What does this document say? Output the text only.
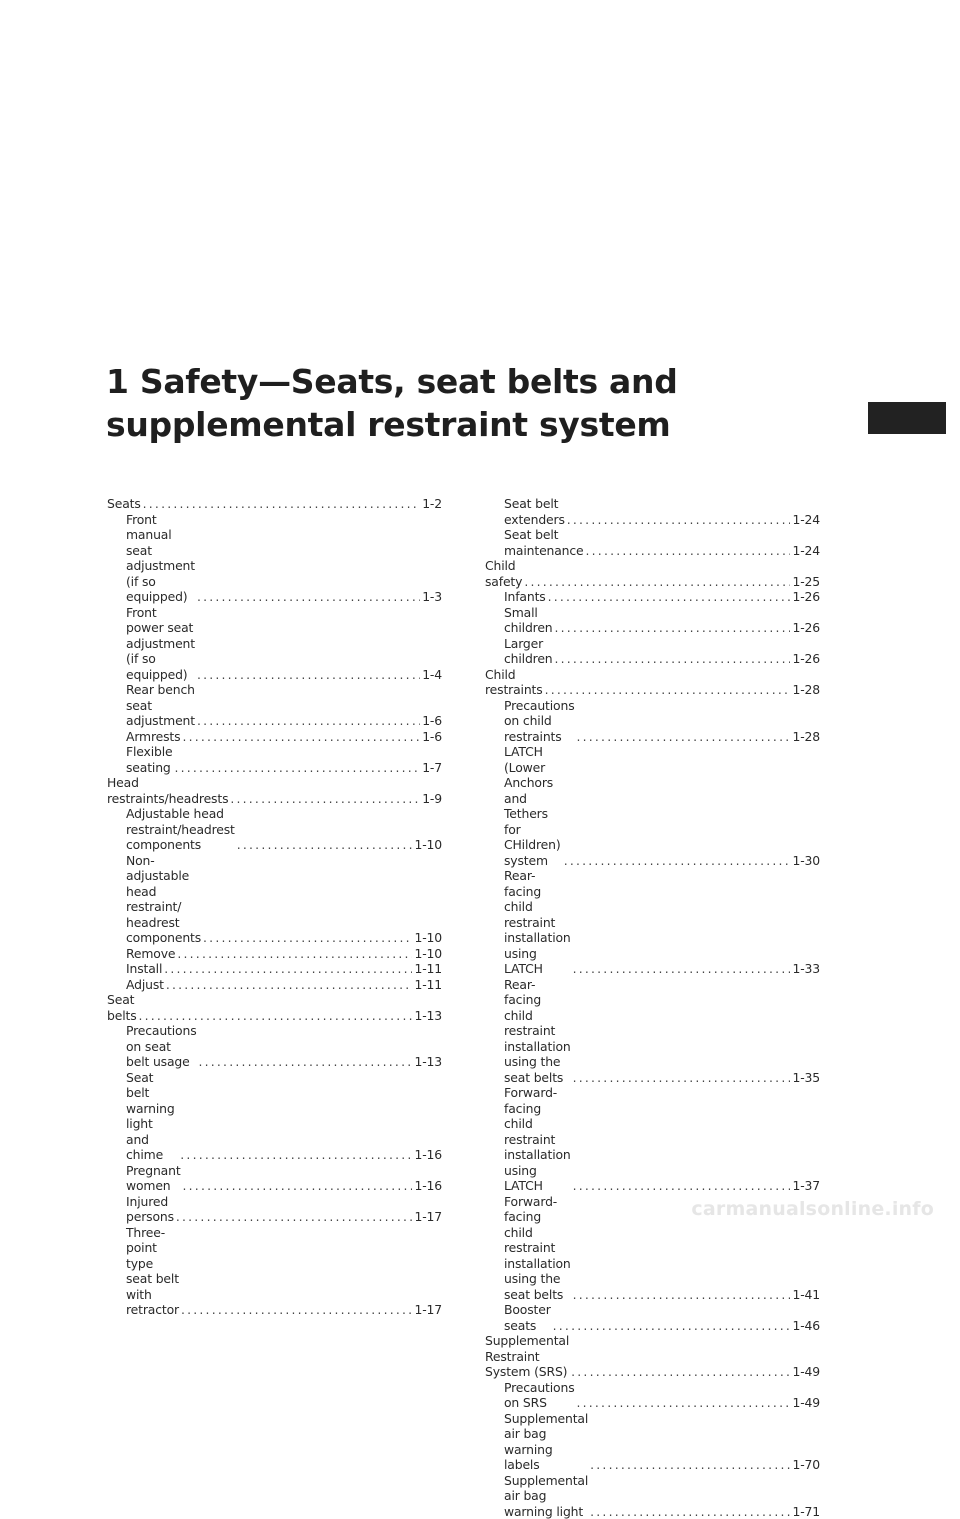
1 Safety—Seats, seat belts and
supplemental restraint system
Seats .....	1-2
Front manual seat adjustment
(if so equipped) .....	1-3
Front power seat adjustment
(if so equipped) .....	1-4
Rear bench seat adjustment .....	1-6
Armrests .....	1-6
Flexible seating .....	1-7
Head restraints/headrests .....	1-9
Adjustable head restraint/headrest
components .....	1-10
Non-adjustable head restraint/
headrest components .....	1-10
Remove .....	1-10
Install .....	1-11
Adjust .....	1-11
Seat belts .....	1-13
Precautions on seat belt usage .....	1-13
Seat belt warning light and chime .....	1-16
Pregnant women .....	1-16
Injured persons .....	1-17
Three-point type seat belt with
retractor .....	1-17
Seat belt extenders .....	1-24
Seat belt maintenance .....	1-24
Child safety .....	1-25
Infants .....	1-26
Small children .....	1-26
Larger children .....	1-26
Child restraints .....	1-28
Precautions on child restraints .....	1-28
LATCH (Lower Anchors and Tethers for
CHildren) system .....	1-30
Rear-facing child restraint installation
using LATCH .....	1-33
Rear-facing child restraint installation
using the seat belts .....	1-35
Forward-facing child restraint
installation using LATCH .....	1-37
Forward-facing child restraint
installation using the seat belts .....	1-41
Booster seats .....	1-46
Supplemental Restraint System (SRS) .....	1-49
Precautions on SRS .....	1-49
Supplemental air bag warning labels .....	1-70
Supplemental air bag warning light .....	1-71
carmanualsonline.info
